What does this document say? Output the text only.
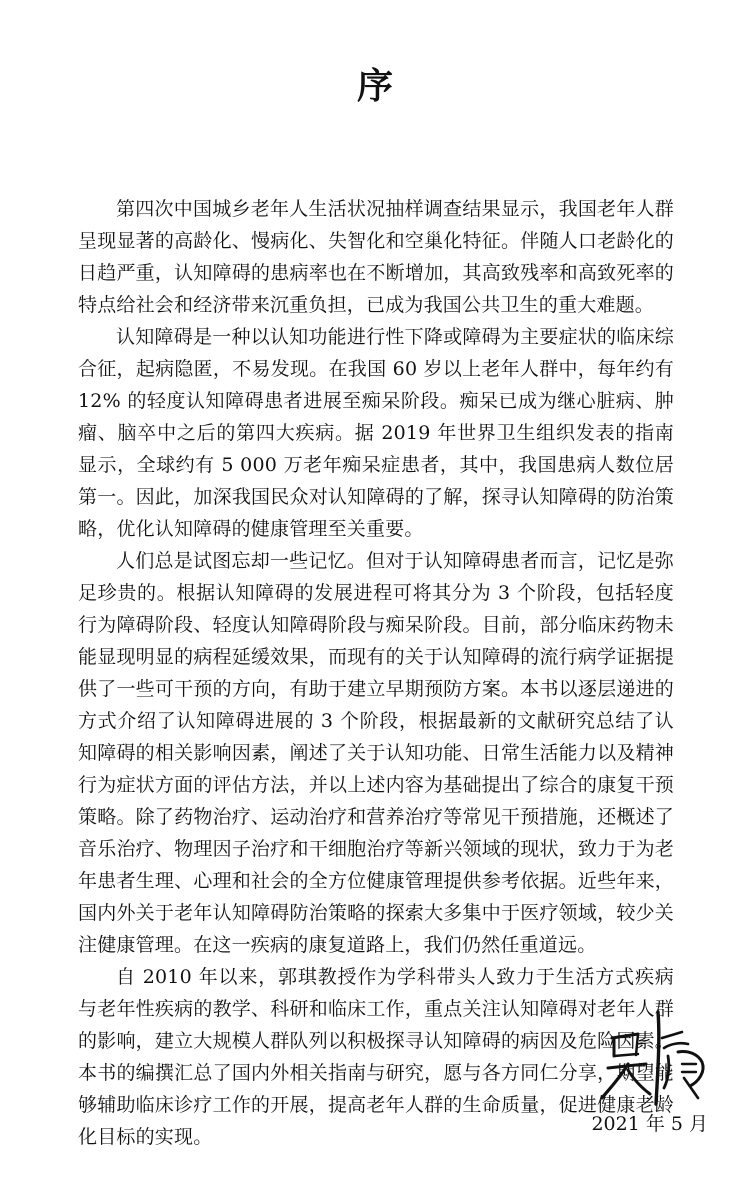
序

第四次中国城乡老年人生活状况抽样调查结果显示，我国老年人群呈现显著的高龄化、慢病化、失智化和空巢化特征。伴随人口老龄化的日趋严重，认知障碍的患病率也在不断增加，其高致残率和高致死率的特点给社会和经济带来沉重负担，已成为我国公共卫生的重大难题。

认知障碍是一种以认知功能进行性下降或障碍为主要症状的临床综合征，起病隐匿，不易发现。在我国 60 岁以上老年人群中，每年约有 12% 的轻度认知障碍患者进展至痴呆阶段。痴呆已成为继心脏病、肿瘤、脑卒中之后的第四大疾病。据 2019 年世界卫生组织发表的指南显示，全球约有 5 000 万老年痴呆症患者，其中，我国患病人数位居第一。因此，加深我国民众对认知障碍的了解，探寻认知障碍的防治策略，优化认知障碍的健康管理至关重要。

人们总是试图忘却一些记忆。但对于认知障碍患者而言，记忆是弥足珍贵的。根据认知障碍的发展进程可将其分为 3 个阶段，包括轻度行为障碍阶段、轻度认知障碍阶段与痴呆阶段。目前，部分临床药物未能显现明显的病程延缓效果，而现有的关于认知障碍的流行病学证据提供了一些可干预的方向，有助于建立早期预防方案。本书以逐层递进的方式介绍了认知障碍进展的 3 个阶段，根据最新的文献研究总结了认知障碍的相关影响因素，阐述了关于认知功能、日常生活能力以及精神行为症状方面的评估方法，并以上述内容为基础提出了综合的康复干预策略。除了药物治疗、运动治疗和营养治疗等常见干预措施，还概述了音乐治疗、物理因子治疗和干细胞治疗等新兴领域的现状，致力于为老年患者生理、心理和社会的全方位健康管理提供参考依据。近些年来，国内外关于老年认知障碍防治策略的探索大多集中于医疗领域，较少关注健康管理。在这一疾病的康复道路上，我们仍然任重道远。

自 2010 年以来，郭琪教授作为学科带头人致力于生活方式疾病与老年性疾病的教学、科研和临床工作，重点关注认知障碍对老年人群的影响，建立大规模人群队列以积极探寻认知障碍的病因及危险因素。本书的编撰汇总了国内外相关指南与研究，愿与各方同仁分享，期望能够辅助临床诊疗工作的开展，提高老年人群的生命质量，促进健康老龄化目标的实现。

2021 年 5 月
